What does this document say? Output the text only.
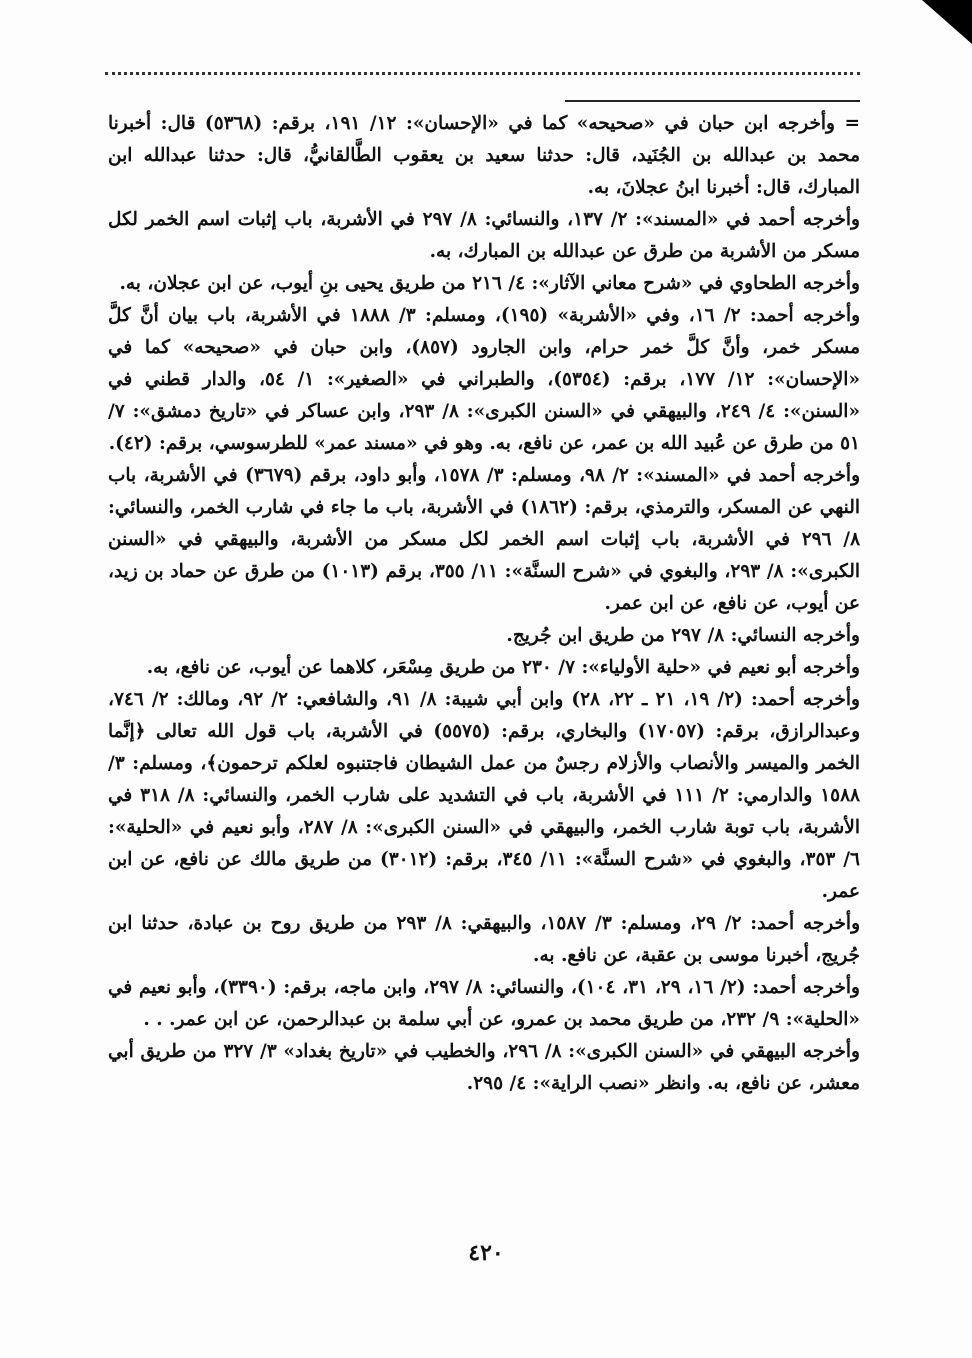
= وأخرجه ابن حبان في «صحيحه» كما في «الإحسان»: ١٢/ ١٩١، برقم: (٥٣٦٨) قال: أخبرنا محمد بن عبدالله بن الجُنَيد، قال: حدثنا سعيد بن يعقوب الطَّالقانيُّ، قال: حدثنا عبدالله ابن المبارك، قال: أخبرنا ابنُ عجلانَ، به.

وأخرجه أحمد في «المسند»: ٢/ ١٣٧، والنسائي: ٨/ ٢٩٧ في الأشربة، باب إثبات اسم الخمر لكل مسكر من الأشربة من طرق عن عبدالله بن المبارك، به.

وأخرجه الطحاوي في «شرح معاني الآثار»: ٤/ ٢١٦ من طريق يحيى بنِ أيوب، عن ابن عجلان، به.

وأخرجه أحمد: ٢/ ١٦، وفي «الأشربة» (١٩٥)، ومسلم: ٣/ ١٨٨٨ في الأشربة، باب بيان أنَّ كلَّ مسكر خمر، وأنَّ كلَّ خمر حرام، وابن الجارود (٨٥٧)، وابن حبان في «صحيحه» كما في «الإحسان»: ١٢/ ١٧٧، برقم: (٥٣٥٤)، والطبراني في «الصغير»: ١/ ٥٤، والدار قطني في «السنن»: ٤/ ٢٤٩، والبيهقي في «السنن الكبرى»: ٨/ ٢٩٣، وابن عساكر في «تاريخ دمشق»: ٧/ ٥١ من طرق عن عُبيد الله بن عمر، عن نافع، به. وهو في «مسند عمر» للطرسوسي، برقم: (٤٢).

وأخرجه أحمد في «المسند»: ٢/ ٩٨، ومسلم: ٣/ ١٥٧٨، وأبو داود، برقم (٣٦٧٩) في الأشربة، باب النهي عن المسكر، والترمذي، برقم: (١٨٦٢) في الأشربة، باب ما جاء في شارب الخمر، والنسائي: ٨/ ٢٩٦ في الأشربة، باب إثبات اسم الخمر لكل مسكر من الأشربة، والبيهقي في «السنن الكبرى»: ٨/ ٢٩٣، والبغوي في «شرح السنَّة»: ١١/ ٣٥٥، برقم (١٠١٣) من طرق عن حماد بن زيد، عن أيوب، عن نافع، عن ابن عمر.

وأخرجه النسائي: ٨/ ٢٩٧ من طريق ابن جُريج.

وأخرجه أبو نعيم في «حلية الأولياء»: ٧/ ٢٣٠ من طريق مِسْعَر، كلاهما عن أيوب، عن نافع، به.

وأخرجه أحمد: (٢/ ١٩، ٢١ ـ ٢٢، ٢٨) وابن أبي شيبة: ٨/ ٩١، والشافعي: ٢/ ٩٢، ومالك: ٢/ ٧٤٦، وعبدالرازق، برقم: (١٧٠٥٧) والبخاري، برقم: (٥٥٧٥) في الأشربة، باب قول الله تعالى ﴿إنَّما الخمر والميسر والأنصاب والأزلام رجسٌ من عمل الشيطان فاجتنبوه لعلكم ترحمون﴾، ومسلم: ٣/ ١٥٨٨ والدارمي: ٢/ ١١١ في الأشربة، باب في التشديد على شارب الخمر، والنسائي: ٨/ ٣١٨ في الأشربة، باب توبة شارب الخمر، والبيهقي في «السنن الكبرى»: ٨/ ٢٨٧، وأبو نعيم في «الحلية»: ٦/ ٣٥٣، والبغوي في «شرح السنَّة»: ١١/ ٣٤٥، برقم: (٣٠١٢) من طريق مالك عن نافع، عن ابن عمر.

وأخرجه أحمد: ٢/ ٢٩، ومسلم: ٣/ ١٥٨٧، والبيهقي: ٨/ ٢٩٣ من طريق روح بن عبادة، حدثنا ابن جُريج، أخبرنا موسى بن عقبة، عن نافع. به.

وأخرجه أحمد: (٢/ ١٦، ٢٩، ٣١، ١٠٤)، والنسائي: ٨/ ٢٩٧، وابن ماجه، برقم: (٣٣٩٠)، وأبو نعيم في «الحلية»: ٩/ ٢٣٢، من طريق محمد بن عمرو، عن أبي سلمة بن عبدالرحمن، عن ابن عمر. . .

وأخرجه البيهقي في «السنن الكبرى»: ٨/ ٢٩٦، والخطيب في «تاريخ بغداد» ٣/ ٣٢٧ من طريق أبي معشر، عن نافع، به. وانظر «نصب الراية»: ٤/ ٢٩٥.

٤٢٠
